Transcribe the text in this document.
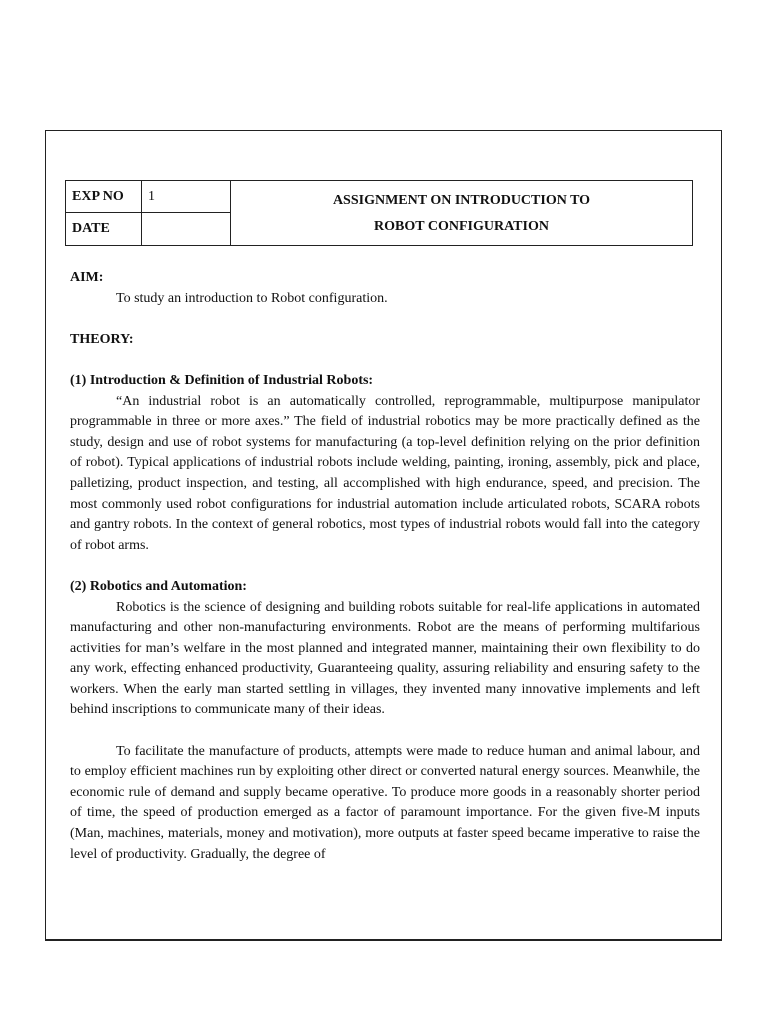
EXP NO	1	ASSIGNMENT ON INTRODUCTION TO
ROBOT CONFIGURATION

DATE		

AIM:

To study an introduction to Robot configuration.

THEORY:

(1) Introduction & Definition of Industrial Robots:

“An industrial robot is an automatically controlled, reprogrammable, multipurpose manipulator programmable in three or more axes.” The field of industrial robotics may be more practically defined as the study, design and use of robot systems for manufacturing (a top-level definition relying on the prior definition of robot). Typical applications of industrial robots include welding, painting, ironing, assembly, pick and place, palletizing, product inspection, and testing, all accomplished with high endurance, speed, and precision. The most commonly used robot configurations for industrial automation include articulated robots, SCARA robots and gantry robots. In the context of general robotics, most types of industrial robots would fall into the category of robot arms.

(2) Robotics and Automation:

Robotics is the science of designing and building robots suitable for real-life applications in automated manufacturing and other non-manufacturing environments. Robot are the means of performing multifarious activities for man’s welfare in the most planned and integrated manner, maintaining their own flexibility to do any work, effecting enhanced productivity, Guaranteeing quality, assuring reliability and ensuring safety to the workers. When the early man started settling in villages, they invented many innovative implements and left behind inscriptions to communicate many of their ideas.

To facilitate the manufacture of products, attempts were made to reduce human and animal labour, and to employ efficient machines run by exploiting other direct or converted natural energy sources. Meanwhile, the economic rule of demand and supply became operative. To produce more goods in a reasonably shorter period of time, the speed of production emerged as a factor of paramount importance. For the given five-M inputs (Man, machines, materials, money and motivation), more outputs at faster speed became imperative to raise the level of productivity. Gradually, the degree of
